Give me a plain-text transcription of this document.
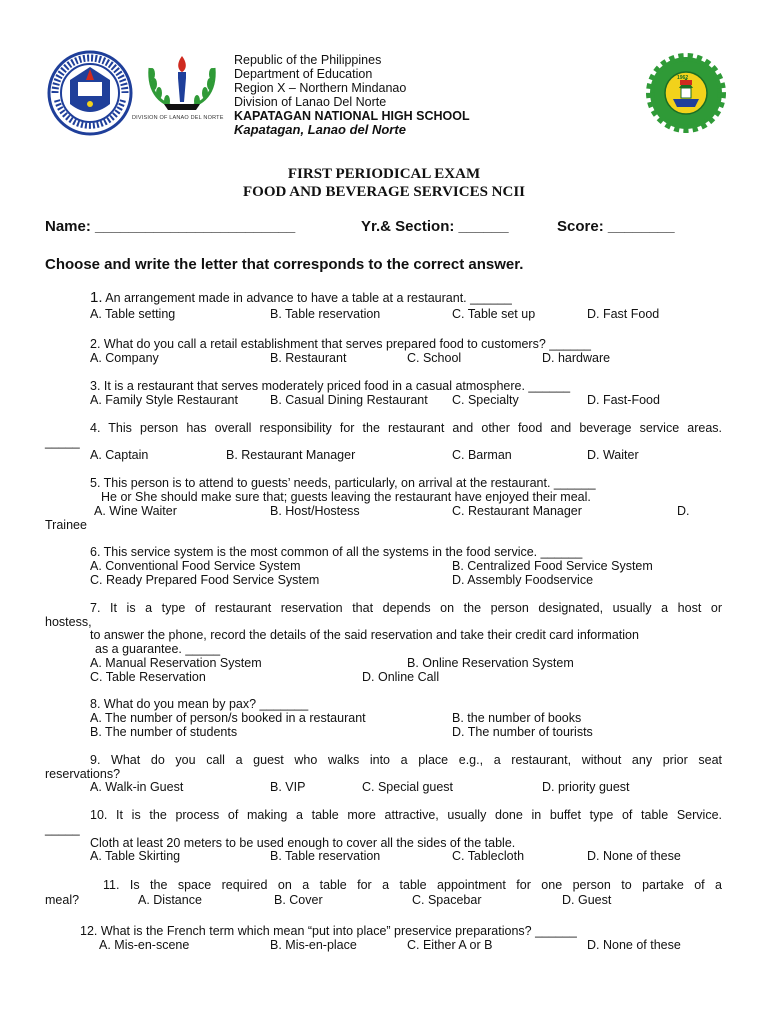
DIVISION OF LANAO DEL NORTE
1962
Republic of the Philippines
Department of Education
Region X – Northern Mindanao
Division of Lanao Del Norte
KAPATAGAN NATIONAL HIGH SCHOOL
Kapatagan, Lanao del Norte
FIRST PERIODICAL EXAM
FOOD AND BEVERAGE SERVICES NCII
Name: ________________________	Yr.& Section: ______	Score: ________
Choose and write the letter that corresponds to the correct answer.
1. An arrangement made in advance to have a table at a restaurant. ______
A. Table setting	B. Table reservation	C. Table set up	D. Fast Food
2. What do you call a retail establishment that serves prepared food to customers? ______
A. Company	B. Restaurant	C. School	D. hardware
3. It is a restaurant that serves moderately priced food in a casual atmosphere. ______
A. Family Style Restaurant	B. Casual Dining Restaurant C. Specialty	D. Fast-Food
4. This person has overall responsibility for the restaurant and other food and beverage service areas.
_____
A. Captain	B. Restaurant Manager	C. Barman	D. Waiter
5. This person is to attend to guests’ needs, particularly, on arrival at the restaurant. ______
He or She should make sure that; guests leaving the restaurant have enjoyed their meal.
A. Wine Waiter	B. Host/Hostess	C. Restaurant Manager	D.
Trainee
6. This service system is the most common of all the systems in the food service. ______
A. Conventional Food Service System	B. Centralized Food Service System
C. Ready Prepared Food Service System	D. Assembly Foodservice
7. It is a type of restaurant reservation that depends on the person designated, usually a host or
hostess,
to answer the phone, record the details of the said reservation and take their credit card information
as a guarantee. _____
A. Manual Reservation System	B. Online Reservation System
C. Table Reservation	D. Online Call
8. What do you mean by pax? _______
A. The number of person/s booked in a restaurant	B. the number of books
B. The number of students	D. The number of tourists
9. What do you call a guest who walks into a place e.g., a restaurant, without any prior seat
reservations?
A. Walk-in Guest	B. VIP	C. Special guest	D. priority guest
10. It is the process of making a table more attractive, usually done in buffet type of table Service.
_____
Cloth at least 20 meters to be used enough to cover all the sides of the table.
A. Table Skirting	B. Table reservation	C. Tablecloth	D. None of these
11. Is the space required on a table for a table appointment for one person to partake of a
meal?	A. Distance	B. Cover	C. Spacebar	D. Guest
12. What is the French term which mean “put into place” preservice preparations? ______
A. Mis-en-scene	B. Mis-en-place	C. Either A or B	D. None of these
